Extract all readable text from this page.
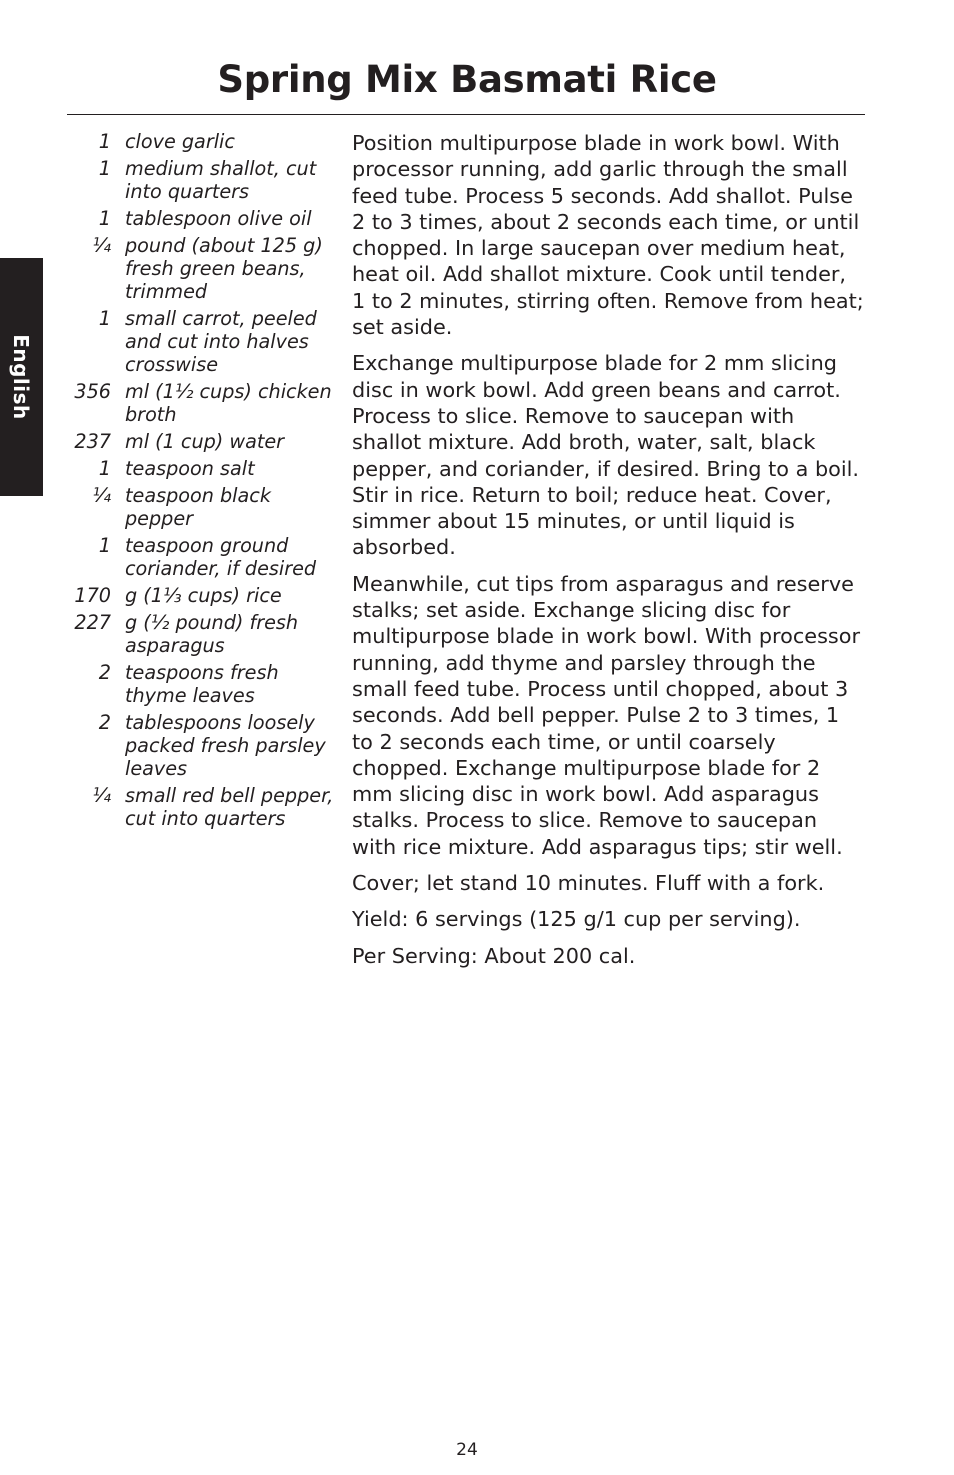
Spring Mix Basmati Rice
English
1 clove garlic
1 medium shallot, cut into quarters
1 tablespoon olive oil
¼ pound (about 125 g) fresh green beans, trimmed
1 small carrot, peeled and cut into halves crosswise
356 ml (1½ cups) chicken broth
237 ml (1 cup) water
1 teaspoon salt
¼ teaspoon black pepper
1 teaspoon ground coriander, if desired
170 g (1⅓ cups) rice
227 g (½ pound) fresh asparagus
2 teaspoons fresh thyme leaves
2 tablespoons loosely packed fresh parsley leaves
¼ small red bell pepper, cut into quarters

Position multipurpose blade in work bowl. With processor running, add garlic through the small feed tube. Process 5 seconds. Add shallot. Pulse 2 to 3 times, about 2 seconds each time, or until chopped. In large saucepan over medium heat, heat oil. Add shallot mixture. Cook until tender, 1 to 2 minutes, stirring often. Remove from heat; set aside.

Exchange multipurpose blade for 2 mm slicing disc in work bowl. Add green beans and carrot. Process to slice. Remove to saucepan with shallot mixture. Add broth, water, salt, black pepper, and coriander, if desired. Bring to a boil. Stir in rice. Return to boil; reduce heat. Cover, simmer about 15 minutes, or until liquid is absorbed.

Meanwhile, cut tips from asparagus and reserve stalks; set aside. Exchange slicing disc for multipurpose blade in work bowl. With processor running, add thyme and parsley through the small feed tube. Process until chopped, about 3 seconds. Add bell pepper. Pulse 2 to 3 times, 1 to 2 seconds each time, or until coarsely chopped. Exchange multipurpose blade for 2 mm slicing disc in work bowl. Add asparagus stalks. Process to slice. Remove to saucepan with rice mixture. Add asparagus tips; stir well.

Cover; let stand 10 minutes. Fluff with a fork.

Yield: 6 servings (125 g/1 cup per serving).

Per Serving: About 200 cal.

24
